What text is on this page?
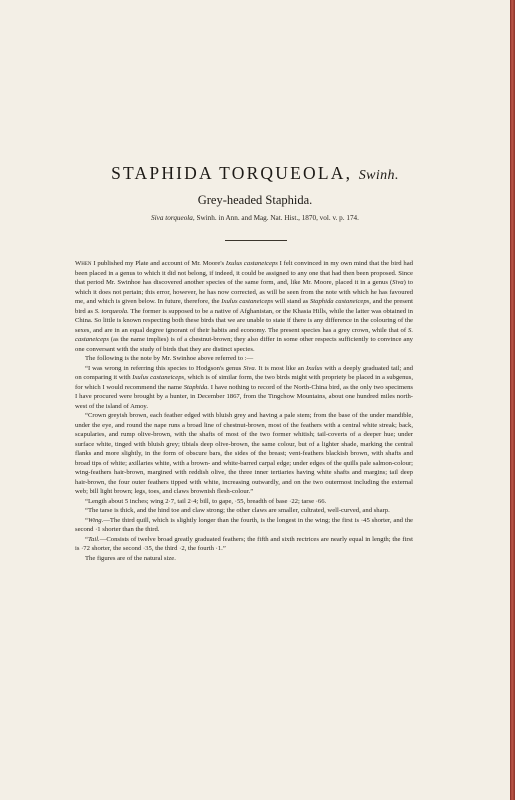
STAPHIDA TORQUEOLA, Swinh.
Grey-headed Staphida.
Siva torqueola, Swinh. in Ann. and Mag. Nat. Hist., 1870, vol. v. p. 174.

When I published my Plate and account of Mr. Moore's Ixulus castaneiceps I felt convinced in my own mind that the bird had been placed in a genus to which it did not belong, if indeed, it could be assigned to any one that had then been proposed. Since that period Mr. Swinhoe has discovered another species of the same form, and, like Mr. Moore, placed it in a genus (Siva) to which it does not pertain; this error, however, he has now corrected, as will be seen from the note with which he has favoured me, and which is given below. In future, therefore, the Ixulus castaneiceps will stand as Staphida castaneiceps, and the present bird as S. torqueola. The former is supposed to be a native of Afghanistan, or the Khasia Hills, while the latter was obtained in China. So little is known respecting both these birds that we are unable to state if there is any difference in the colouring of the sexes, and are in an equal degree ignorant of their habits and economy. The present species has a grey crown, while that of S. castaneiceps (as the name implies) is of a chestnut-brown; they also differ in some other respects sufficiently to convince any one conversant with the study of birds that they are distinct species.

The following is the note by Mr. Swinhoe above referred to :—

“I was wrong in referring this species to Hodgson's genus Siva. It is most like an Ixulus with a deeply graduated tail; and on comparing it with Ixulus castaneiceps, which is of similar form, the two birds might with propriety be placed in a subgenus, for which I would recommend the name Staphida. I have nothing to record of the North-China bird, as the only two specimens I have procured were brought by a hunter, in December 1867, from the Tingchow Mountains, about one hundred miles north-west of the island of Amoy.

“Crown greyish brown, each feather edged with bluish grey and having a pale stem; from the base of the under mandible, under the eye, and round the nape runs a broad line of chestnut-brown, most of the feathers with a central white streak; back, scapularies, and rump olive-brown, with the shafts of most of the two former whitish; tail-coverts of a deeper hue; under surface white, tinged with bluish grey; tibials deep olive-brown, the same colour, but of a lighter shade, marking the central flanks and more slightly, in the form of obscure bars, the sides of the breast; vent-feathers blackish brown, with shafts and broad tips of white; axillaries white, with a brown- and white-barred carpal edge; under edges of the quills pale salmon-colour; wing-feathers hair-brown, margined with reddish olive, the three inner tertiaries having white shafts and margins; tail deep hair-brown, the four outer feathers tipped with white, increasing outwardly, and on the two outermost including the external web; bill light brown; legs, toes, and claws brownish flesh-colour.”

“Length about 5 inches; wing 2·7, tail 2·4; bill, to gape, ·55, breadth of base ·22; tarse ·66.

“The tarse is thick, and the hind toe and claw strong; the other claws are smaller, cultrated, well-curved, and sharp.

“Wing.—The third quill, which is slightly longer than the fourth, is the longest in the wing; the first is ·45 shorter, and the second ·1 shorter than the third.

“Tail.—Consists of twelve broad greatly graduated feathers; the fifth and sixth rectrices are nearly equal in length; the first is ·72 shorter, the second ·35, the third ·2, the fourth ·1.”

The figures are of the natural size.
